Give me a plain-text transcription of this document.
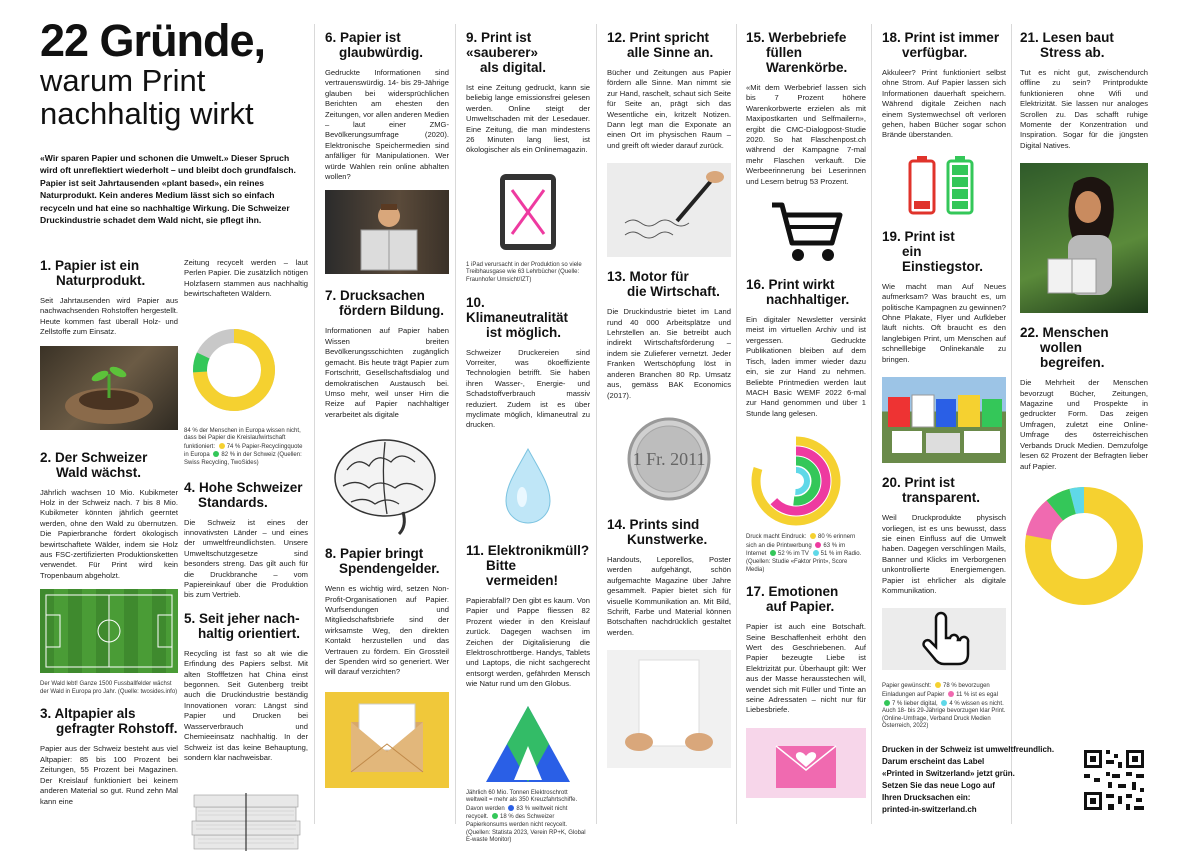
22 Gründe,
warum Print
nachhaltig wirkt
«Wir sparen Papier und schonen die Umwelt.» Dieser Spruch wird oft unreflektiert wiederholt – und bleibt doch grundfalsch. Papier ist seit Jahrtausenden «plant based», ein reines Naturprodukt. Kein anderes Medium lässt sich so einfach recyceln und hat eine so nachhaltige Wirkung. Die Schweizer Druckindustrie schadet dem Wald nicht, sie pflegt ihn.
1. Papier ist ein
Naturprodukt.
Seit Jahrtausenden wird Papier aus nachwachsenden Rohstoffen hergestellt. Heute kommen fast überall Holz- und Zellstoffe zum Einsatz.
2. Der Schweizer
Wald wächst.
Jährlich wachsen 10 Mio. Kubikmeter Holz in der Schweiz nach. 7 bis 8 Mio. Kubikmeter könnten jährlich geerntet werden, ohne den Wald zu übernutzen. Die Papierbranche fördert ökologisch bewirtschaftete Wälder, indem sie Holz aus FSC-zertifizierten Produktionsketten verwendet. Für Print wird kein Tropenbaum abgeholzt.
Der Wald lebt! Ganze 1500 Fussballfelder wächst der Wald in Europa pro Jahr. (Quelle: twosides.info)
3. Altpapier als
gefragter Rohstoff.
Papier aus der Schweiz besteht aus viel Altpapier: 85 bis 100 Prozent bei Zeitungen, 55 Prozent bei Magazinen. Der Kreislauf funktioniert bei keinem anderen Material so gut. Rund zehn Mal kann eine
Zeitung recycelt werden – laut Perlen Papier. Die zusätzlich nötigen Holzfasern stammen aus nachhaltig bewirtschafteten Wäldern.
84 % der Menschen in Europa wissen nicht, dass bei Papier die Kreislaufwirtschaft funktioniert: 74 % Papier-Recyclingquote in Europa 82 % in der Schweiz (Quellen: Swiss Recycling, TwoSides)
4. Hohe Schweizer
Standards.
Die Schweiz ist eines der innovativsten Länder – und eines der umweltfreundlichsten. Unsere Umweltschutzgesetze sind besonders streng. Das gilt auch für die Druckbranche – vom Papiereinkauf über die Produktion bis zum Vertrieb.
5. Seit jeher nach-
haltig orientiert.
Recycling ist fast so alt wie die Erfindung des Papiers selbst. Mit alten Stofffetzen hat China einst begonnen. Seit Gutenberg treibt auch die Druckindustrie beständig Innovationen voran: Längst sind Papier und Drucken bei Wasserverbrauch und Chemieeinsatz nachhaltig. In der Schweiz ist das keine Behauptung, sondern klar nachweisbar.
6. Papier ist
glaubwürdig.
Gedruckte Informationen sind vertrauenswürdig. 14- bis 29-Jährige glauben bei widersprüchlichen Berichten am ehesten den Zeitungen, vor allen anderen Medien – laut einer ZMG-Bevölkerungsumfrage (2020). Elektronische Speichermedien sind anfälliger für Manipulationen. Wer würde Wahlen rein online abhalten wollen?
7. Drucksachen
fördern Bildung.
Informationen auf Papier haben Wissen breiten Bevölkerungsschichten zugänglich gemacht. Bis heute trägt Papier zum Fortschritt, Gesellschaftsdialog und demokratischen Austausch bei. Umso mehr, weil unser Hirn die Reize auf Papier nachhaltiger verarbeitet als digitale
8. Papier bringt
Spendengelder.
Wenn es wichtig wird, setzen Non-Profit-Organisationen auf Papier. Wurfsendungen und Mitgliedschaftsbriefe sind der wirksamste Weg, den direkten Kontakt herzustellen und das Vertrauen zu fördern. Ein Grossteil der Spenden wird so generiert. Wer will darauf verzichten?
9. Print ist «sauberer»
als digital.
Ist eine Zeitung gedruckt, kann sie beliebig lange emissionsfrei gelesen werden. Online steigt der Umweltschaden mit der Lesedauer. Eine Zeitung, die man mindestens 26 Minuten lang liest, ist ökologischer als ein Onlinemagazin.
1 iPad verursacht in der Produktion so viele Treibhausgase wie 63 Lehrbücher (Quelle: Fraunhofer Umsicht/IZT)
10. Klimaneutralität
ist möglich.
Schweizer Druckereien sind Vorreiter, was ökoeffiziente Technologien betrifft. Sie haben ihren Wasser-, Energie- und Schadstoffverbrauch massiv reduziert. Zudem ist es über myclimate möglich, klimaneutral zu drucken.
11. Elektronikmüll?
Bitte vermeiden!
Papierabfall? Den gibt es kaum. Von Papier und Pappe fliessen 82 Prozent wieder in den Kreislauf zurück. Dagegen wachsen im Zeichen der Digitalisierung die Elektroschrottberge. Handys, Tablets und Laptops, die nicht sachgerecht entsorgt werden, gefährden Mensch wie Natur rund um den Globus.
Jährlich 60 Mio. Tonnen Elektroschrott weltweit = mehr als 350 Kreuzfahrtschiffe. Davon werden 83 % weltweit nicht recycelt. 18 % des Schweizer Papierkonsums werden nicht recycelt. (Quellen: Statista 2023, Verein RP+K, Global E-waste Monitor)
12. Print spricht
alle Sinne an.
Bücher und Zeitungen aus Papier fördern alle Sinne. Man nimmt sie zur Hand, raschelt, schaut sich Seite für Seite an, prägt sich das Wesentliche ein, kritzelt Notizen. Dann legt man die Exponate an einen Ort im physischen Raum – und greift oft wieder darauf zurück.
13. Motor für
die Wirtschaft.
Die Druckindustrie bietet im Land rund 40 000 Arbeitsplätze und Lehrstellen an. Sie betreibt auch indirekt Wirtschaftsförderung – indem sie Zulieferer vernetzt. Jeder Franken Wertschöpfung löst in anderen Branchen 80 Rp. Umsatz aus, gemäss BAK Economics (2017).
1 Fr. 2011
14. Prints sind
Kunstwerke.
Handouts, Leporellos, Poster werden aufgehängt, schön aufgemachte Magazine über Jahre gesammelt. Papier bietet sich für visuelle Kommunikation an. Mit Bild, Schrift, Farbe und Material können Botschaften nachdrücklich gestaltet werden.
15. Werbebriefe
füllen
Warenkörbe.
«Mit dem Werbebrief lassen sich bis 7 Prozent höhere Warenkorbwerte erzielen als mit Maxipostkarten und Selfmailern», ergibt die CMC-Dialogpost-Studie 2020. So hat Flaschenpost.ch während der Kampagne 7-mal mehr Flaschen verkauft. Die Werbeerinnerung bei Leserinnen und Lesern betrug 53 Prozent.
16. Print wirkt
nachhaltiger.
Ein digitaler Newsletter versinkt meist im virtuellen Archiv und ist vergessen. Gedruckte Publikationen bleiben auf dem Tisch, laden immer wieder dazu ein, sie zur Hand zu nehmen. Beliebte Printmedien werden laut MACH Basic WEMF 2022 6-mal zur Hand genommen und über 1 Stunde lang gelesen.
Druck macht Eindruck: 80 % erinnern sich an die Printwerbung 63 % im Internet 52 % im TV 51 % im Radio. (Quellen: Studie «Faktor Print», Score Media)
17. Emotionen
auf Papier.
Papier ist auch eine Botschaft. Seine Beschaffenheit erhöht den Wert des Geschriebenen. Auf Papier bezeugte Liebe ist Elektrizität pur. Überhaupt gilt: Wer aus der Masse herausstechen will, wendet sich mit Füller und Tinte an seine Adressaten – nicht nur für Liebesbriefe.
18. Print ist immer
verfügbar.
Akkuleer? Print funktioniert selbst ohne Strom. Auf Papier lassen sich Informationen dauerhaft speichern. Während digitale Zeichen nach einem Systemwechsel oft verloren gehen, haben Bücher sogar schon Brände überstanden.
19. Print ist
ein Einstiegstor.
Wie macht man Auf Neues aufmerksam? Was braucht es, um politische Kampagnen zu gewinnen? Ohne Plakate, Flyer und Aufkleber läuft nichts. Oft braucht es den langlebigen Print, um Menschen auf schnelllebige Onlinekanäle zu bringen.
20. Print ist
transparent.
Weil Druckprodukte physisch vorliegen, ist es uns bewusst, dass sie einen Einfluss auf die Umwelt haben. Dagegen verschlingen Mails, Banner und Klicks im Verborgenen unkontrollierte Energiemengen. Papier ist ehrlicher als digitale Kommunikation.
Papier gewünscht: 78 % bevorzugen Einladungen auf Papier 11 % ist es egal 7 % lieber digital, 4 % wissen es nicht. Auch 18- bis 29-Jährige bevorzugen klar Print. (Online-Umfrage, Verband Druck Medien Österreich, 2022)
21. Lesen baut
Stress ab.
Tut es nicht gut, zwischendurch offline zu sein? Printprodukte funktionieren ohne Wifi und Elektrizität. Sie lassen nur analoges Scrollen zu. Das schafft ruhige Momente der Konzentration und Inspiration. Sogar für die jüngsten Digital Natives.
22. Menschen
wollen begreifen.
Die Mehrheit der Menschen bevorzugt Bücher, Zeitungen, Magazine und Prospekte in gedruckter Form. Das zeigen Umfragen, zuletzt eine Online-Umfrage des österreichischen Verbands Druck Medien. Demzufolge lesen 62 Prozent der Befragten lieber auf Papier.
Drucken in der Schweiz ist umweltfreundlich.
Darum erscheint das Label
«Printed in Switzerland» jetzt grün.
Setzen Sie das neue Logo auf
Ihren Drucksachen ein:
printed-in-switzerland.ch
